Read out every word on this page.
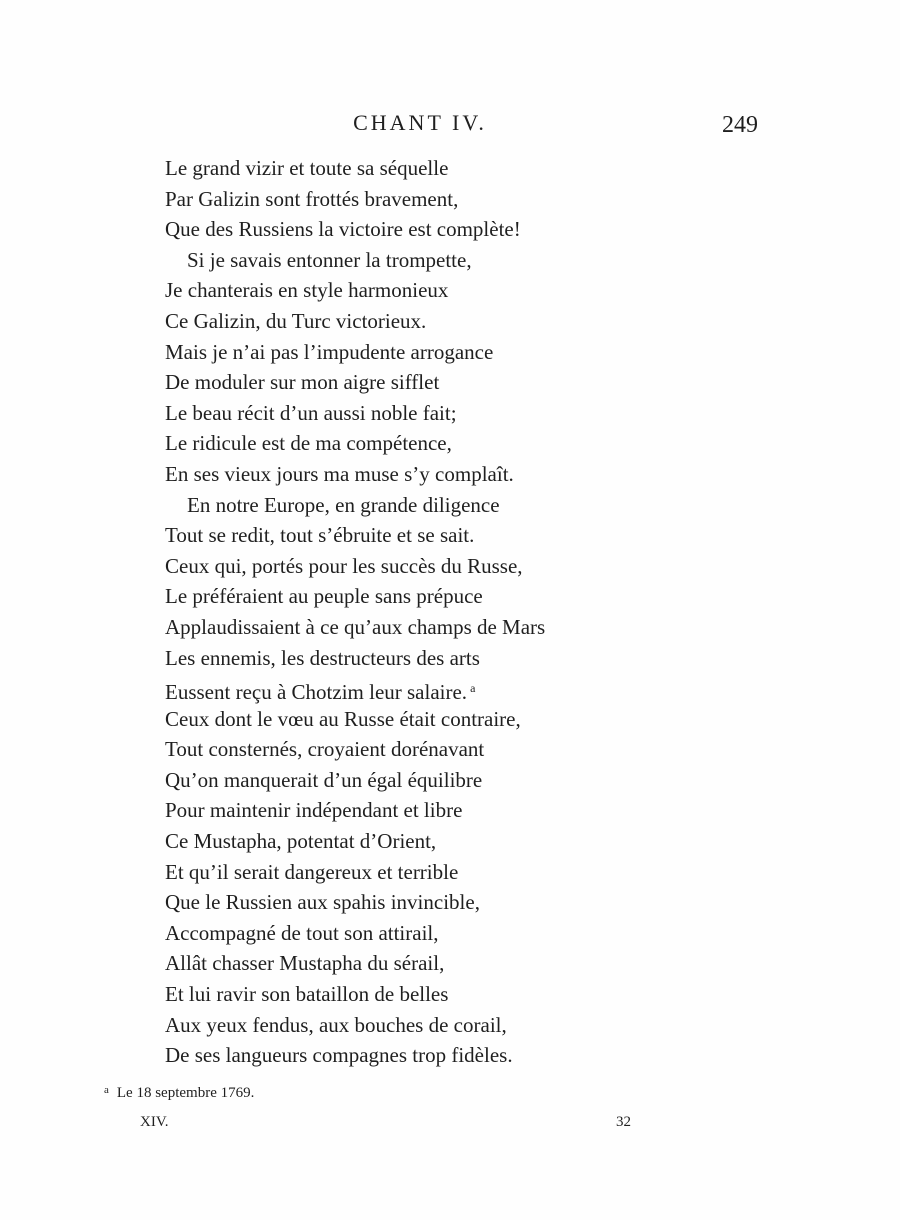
CHANT IV.	249
Le grand vizir et toute sa séquelle
Par Galizin sont frottés bravement,
Que des Russiens la victoire est complète!
Si je savais entonner la trompette,
Je chanterais en style harmonieux
Ce Galizin, du Turc victorieux.
Mais je n’ai pas l’impudente arrogance
De moduler sur mon aigre sifflet
Le beau récit d’un aussi noble fait;
Le ridicule est de ma compétence,
En ses vieux jours ma muse s’y complaît.
En notre Europe, en grande diligence
Tout se redit, tout s’ébruite et se sait.
Ceux qui, portés pour les succès du Russe,
Le préféraient au peuple sans prépuce
Applaudissaient à ce qu’aux champs de Mars
Les ennemis, les destructeurs des arts
Eussent reçu à Chotzim leur salaire. $^a$
Ceux dont le vœu au Russe était contraire,
Tout consternés, croyaient dorénavant
Qu’on manquerait d’un égal équilibre
Pour maintenir indépendant et libre
Ce Mustapha, potentat d’Orient,
Et qu’il serait dangereux et terrible
Que le Russien aux spahis invincible,
Accompagné de tout son attirail,
Allât chasser Mustapha du sérail,
Et lui ravir son bataillon de belles
Aux yeux fendus, aux bouches de corail,
De ses langueurs compagnes trop fidèles.
$^a$ Le 18 septembre 1769.
XIV.	32
